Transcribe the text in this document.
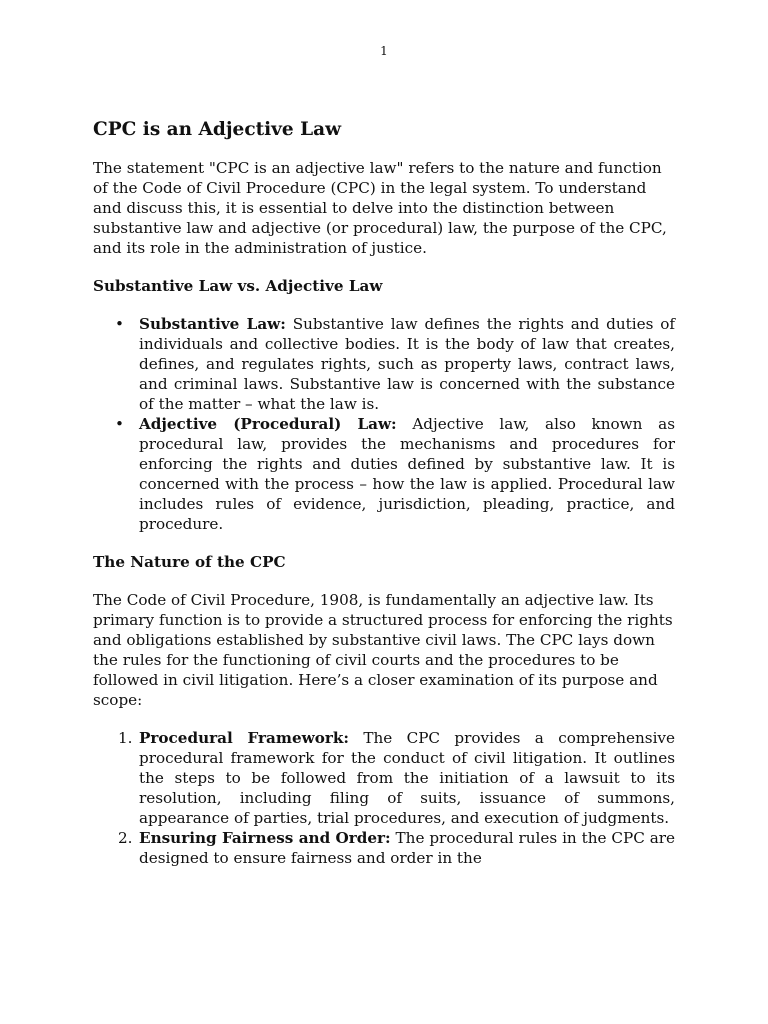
1
CPC is an Adjective Law

The statement "CPC is an adjective law" refers to the nature and function of the Code of Civil Procedure (CPC) in the legal system. To understand and discuss this, it is essential to delve into the distinction between substantive law and adjective (or procedural) law, the purpose of the CPC, and its role in the administration of justice.

Substantive Law vs. Adjective Law
• Substantive Law: Substantive law defines the rights and duties of individuals and collective bodies. It is the body of law that creates, defines, and regulates rights, such as property laws, contract laws, and criminal laws. Substantive law is concerned with the substance of the matter – what the law is.
• Adjective (Procedural) Law: Adjective law, also known as procedural law, provides the mechanisms and procedures for enforcing the rights and duties defined by substantive law. It is concerned with the process – how the law is applied. Procedural law includes rules of evidence, jurisdiction, pleading, practice, and procedure.
The Nature of the CPC

The Code of Civil Procedure, 1908, is fundamentally an adjective law. Its primary function is to provide a structured process for enforcing the rights and obligations established by substantive civil laws. The CPC lays down the rules for the functioning of civil courts and the procedures to be followed in civil litigation. Here’s a closer examination of its purpose and scope:

1. Procedural Framework: The CPC provides a comprehensive procedural framework for the conduct of civil litigation. It outlines the steps to be followed from the initiation of a lawsuit to its resolution, including filing of suits, issuance of summons, appearance of parties, trial procedures, and execution of judgments.
2. Ensuring Fairness and Order: The procedural rules in the CPC are designed to ensure fairness and order in the
